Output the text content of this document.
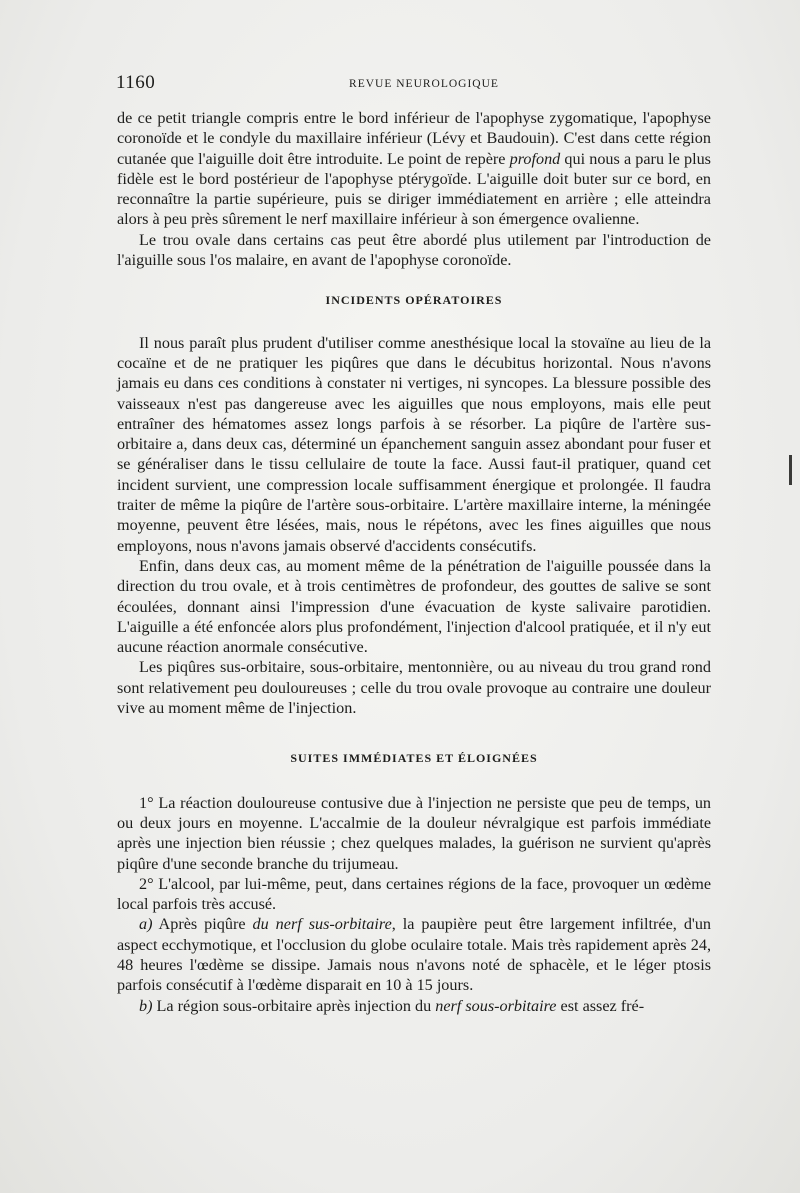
1160	REVUE NEUROLOGIQUE

de ce petit triangle compris entre le bord inférieur de l'apophyse zygomatique, l'apophyse coronoïde et le condyle du maxillaire inférieur (Lévy et Baudouin). C'est dans cette région cutanée que l'aiguille doit être introduite. Le point de repère profond qui nous a paru le plus fidèle est le bord postérieur de l'apophyse ptérygoïde. L'aiguille doit buter sur ce bord, en reconnaître la partie supérieure, puis se diriger immédiatement en arrière ; elle atteindra alors à peu près sûrement le nerf maxillaire inférieur à son émergence ovalienne.

Le trou ovale dans certains cas peut être abordé plus utilement par l'introduction de l'aiguille sous l'os malaire, en avant de l'apophyse coronoïde.

INCIDENTS OPÉRATOIRES

Il nous paraît plus prudent d'utiliser comme anesthésique local la stovaïne au lieu de la cocaïne et de ne pratiquer les piqûres que dans le décubitus horizontal. Nous n'avons jamais eu dans ces conditions à constater ni vertiges, ni syncopes. La blessure possible des vaisseaux n'est pas dangereuse avec les aiguilles que nous employons, mais elle peut entraîner des hématomes assez longs parfois à se résorber. La piqûre de l'artère sus-orbitaire a, dans deux cas, déterminé un épanchement sanguin assez abondant pour fuser et se généraliser dans le tissu cellulaire de toute la face. Aussi faut-il pratiquer, quand cet incident survient, une compression locale suffisamment énergique et prolongée. Il faudra traiter de même la piqûre de l'artère sous-orbitaire. L'artère maxillaire interne, la méningée moyenne, peuvent être lésées, mais, nous le répétons, avec les fines aiguilles que nous employons, nous n'avons jamais observé d'accidents consécutifs.

Enfin, dans deux cas, au moment même de la pénétration de l'aiguille poussée dans la direction du trou ovale, et à trois centimètres de profondeur, des gouttes de salive se sont écoulées, donnant ainsi l'impression d'une évacuation de kyste salivaire parotidien. L'aiguille a été enfoncée alors plus profondément, l'injection d'alcool pratiquée, et il n'y eut aucune réaction anormale consécutive.

Les piqûres sus-orbitaire, sous-orbitaire, mentonnière, ou au niveau du trou grand rond sont relativement peu douloureuses ; celle du trou ovale provoque au contraire une douleur vive au moment même de l'injection.

SUITES IMMÉDIATES ET ÉLOIGNÉES

1° La réaction douloureuse contusive due à l'injection ne persiste que peu de temps, un ou deux jours en moyenne. L'accalmie de la douleur névralgique est parfois immédiate après une injection bien réussie ; chez quelques malades, la guérison ne survient qu'après piqûre d'une seconde branche du trijumeau.

2° L'alcool, par lui-même, peut, dans certaines régions de la face, provoquer un œdème local parfois très accusé.

a) Après piqûre du nerf sus-orbitaire, la paupière peut être largement infiltrée, d'un aspect ecchymotique, et l'occlusion du globe oculaire totale. Mais très rapidement après 24, 48 heures l'œdème se dissipe. Jamais nous n'avons noté de sphacèle, et le léger ptosis parfois consécutif à l'œdème disparait en 10 à 15 jours.

b) La région sous-orbitaire après injection du nerf sous-orbitaire est assez fré-
